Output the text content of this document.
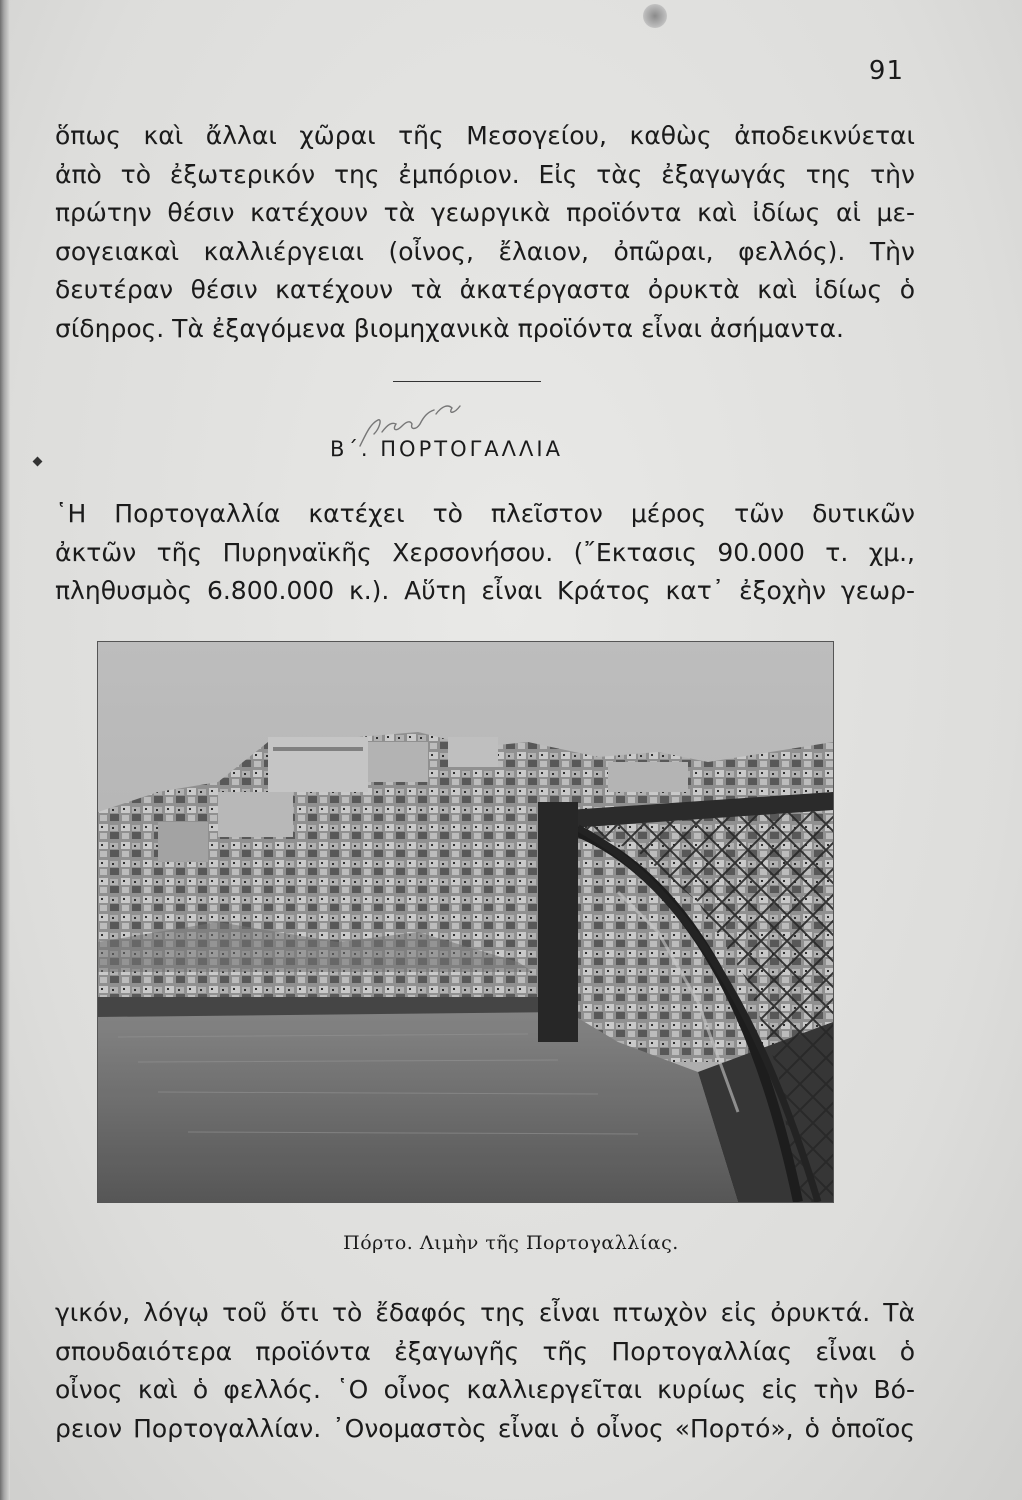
91
ὅπως καὶ ἄλλαι χῶραι τῆς Μεσογείου, καθὼς ἀποδεικνύεται
ἀπὸ τὸ ἐξωτερικόν της ἐμπόριον. Εἰς τὰς ἐξαγωγάς της τὴν
πρώτην θέσιν κατέχουν τὰ γεωργικὰ προϊόντα καὶ ἰδίως αἱ με-
σογειακαὶ καλλιέργειαι (οἶνος, ἔλαιον, ὀπῶραι, φελλός). Τὴν
δευτέραν θέσιν κατέχουν τὰ ἀκατέργαστα ὀρυκτὰ καὶ ἰδίως ὁ
σίδηρος. Τὰ ἐξαγόμενα βιομηχανικὰ προϊόντα εἶναι ἀσήμαντα.
Β΄. ΠΟΡΤΟΓΑΛΛΙΑ
῾Η Πορτογαλλία κατέχει τὸ πλεῖστον μέρος τῶν δυτικῶν
ἀκτῶν τῆς Πυρηναϊκῆς Χερσονήσου. (῎Εκτασις 90.000 τ. χμ.,
πληθυσμὸς 6.800.000 κ.). Αὕτη εἶναι Κράτος κατ᾿ ἐξοχὴν γεωρ-
Πόρτο. Λιμὴν τῆς Πορτογαλλίας.
γικόν, λόγῳ τοῦ ὅτι τὸ ἔδαφός της εἶναι πτωχὸν εἰς ὀρυκτά. Τὰ
σπουδαιότερα προϊόντα ἐξαγωγῆς τῆς Πορτογαλλίας εἶναι ὁ
οἶνος καὶ ὁ φελλός. ῾Ο οἶνος καλλιεργεῖται κυρίως εἰς τὴν Βό-
ρειον Πορτογαλλίαν. ᾿Ονομαστὸς εἶναι ὁ οἶνος «Πορτό», ὁ ὁποῖος
